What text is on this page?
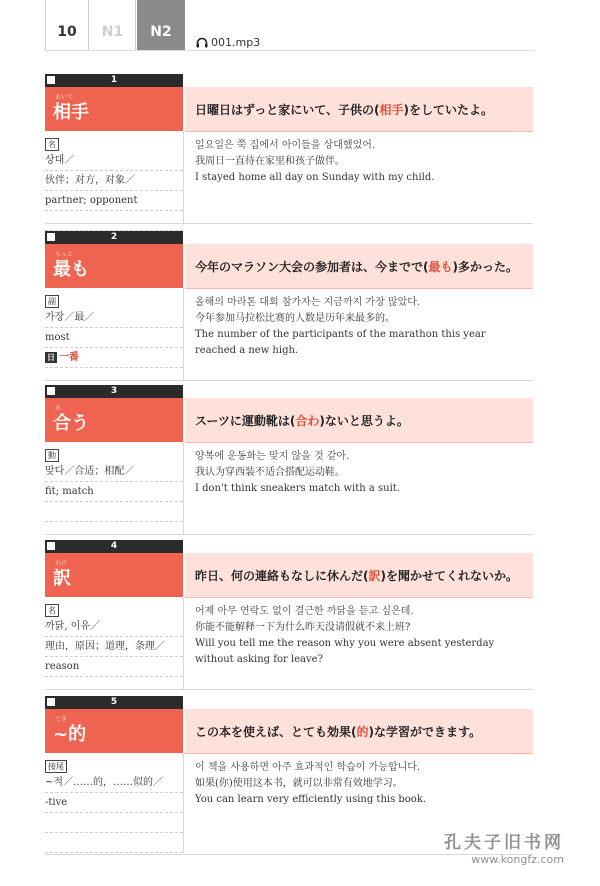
10	N1	N2
001.mp3
1
あいて
相手	日曜日はずっと家にいて、子供の( 相手 )をしていたよ。
名
상대／
伙伴；对方，对象／
partner; opponent
일요일은 쭉 집에서 아이들을 상대했었어.
我周日一直待在家里和孩子做伴。
I stayed home all day on Sunday with my child.
2
もっと
最も	今年のマラソン大会の参加者は、今までで( 最も )多かった。
副
가장／最／
most
日 一番
올해의 마라톤 대회 참가자는 지금까지 가장 많았다.
今年参加马拉松比赛的人数是历年来最多的。
The number of the participants of the marathon this year
reached a new high.
3
あ
合う	スーツに運動靴は( 合わ )ないと思うよ。
動
맞다／合适；相配／
fit; match
양복에 운동화는 맞지 않을 것 같아.
我认为穿西装不适合搭配运动鞋。
I don't think sneakers match with a suit.
4
わけ
訳	昨日、何の連絡もなしに休んだ( 訳 )を聞かせてくれないか。
名
까닭, 이유／
理由，原因；道理，条理／
reason
어제 아무 연락도 없이 결근한 까닭을 듣고 싶은데.
你能不能解释一下为什么昨天没请假就不来上班?
Will you tell me the reason why you were absent yesterday
without asking for leave?
5
てき
~的	この本を使えば、とても効果( 的 )な学習ができます。
接尾
~적／……的，……似的／
-tive
이 책을 사용하면 아주 효과적인 학습이 가능합니다.
如果(你)使用这本书，就可以非常有效地学习。
You can learn very efficiently using this book.
孔夫子旧书网
www.kongfz.com
